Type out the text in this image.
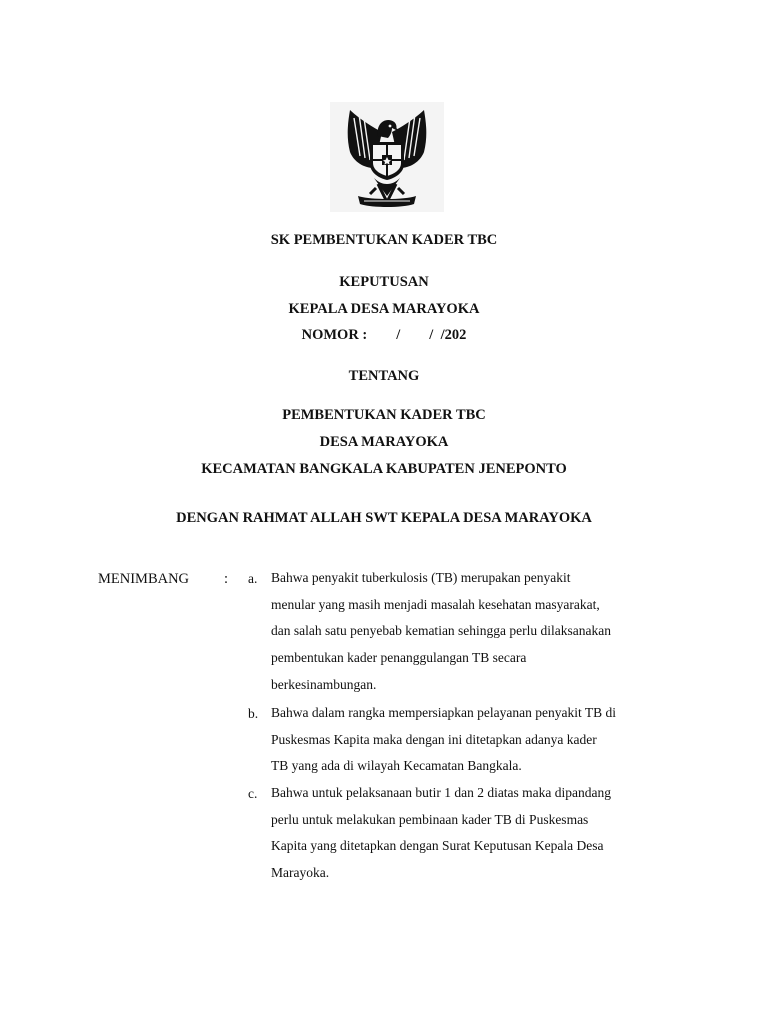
SK PEMBENTUKAN KADER TBC
KEPUTUSAN
KEPALA DESA MARAYOKA
NOMOR :        /        /  /202
TENTANG
PEMBENTUKAN KADER TBC
DESA MARAYOKA
KECAMATAN BANGKALA KABUPATEN JENEPONTO
DENGAN RAHMAT ALLAH SWT KEPALA DESA MARAYOKA
MENIMBANG : a. Bahwa penyakit tuberkulosis (TB) merupakan penyakit
menular yang masih menjadi masalah kesehatan masyarakat,
dan salah satu penyebab kematian sehingga perlu dilaksanakan
pembentukan kader penanggulangan TB secara
berkesinambungan.
b. Bahwa dalam rangka mempersiapkan pelayanan penyakit TB di
Puskesmas Kapita maka dengan ini ditetapkan adanya kader
TB yang ada di wilayah Kecamatan Bangkala.
c. Bahwa untuk pelaksanaan butir 1 dan 2 diatas maka dipandang
perlu untuk melakukan pembinaan kader TB di Puskesmas
Kapita yang ditetapkan dengan Surat Keputusan Kepala Desa
Marayoka.
